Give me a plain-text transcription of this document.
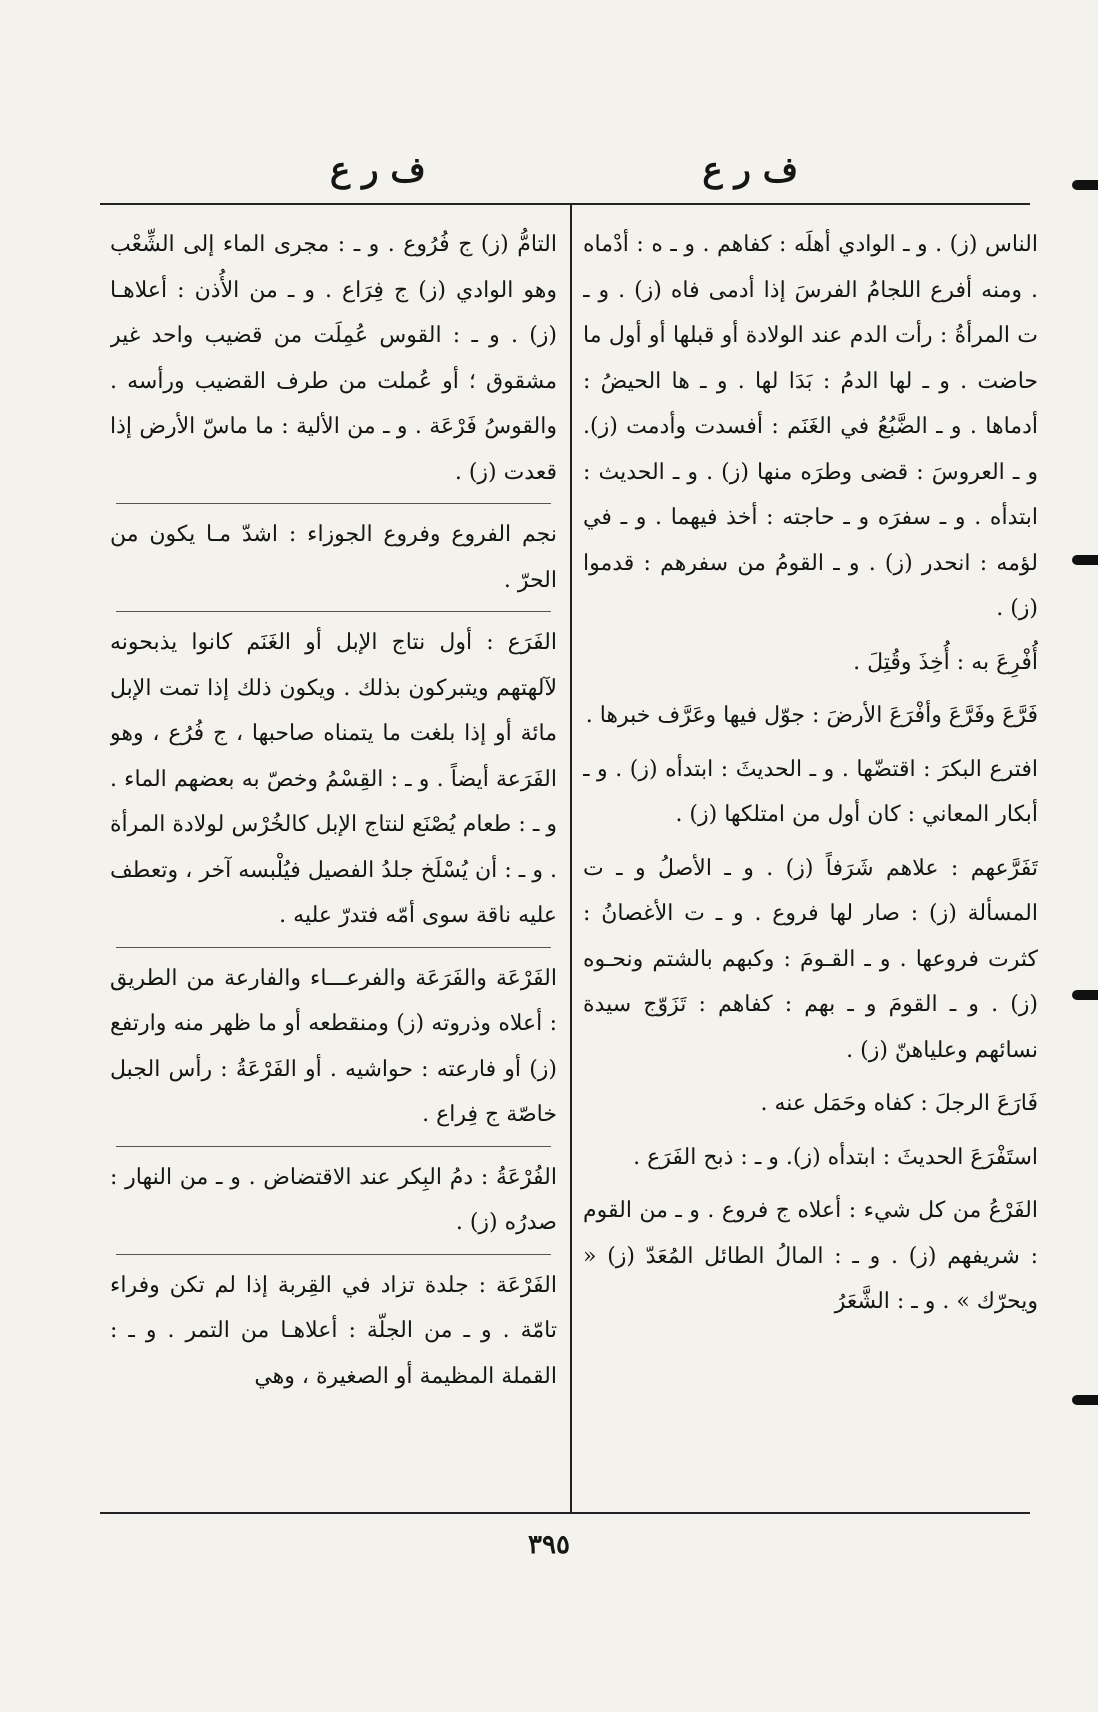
ف ر ع
ف ر ع

الناس (ز) . و ـ الوادي أهلَه : كفاهم . و ـ ه : أدْماه . ومنه أفرع اللجامُ الفرسَ إذا أدمى فاه (ز) . و ـ ت المرأةُ : رأت الدم عند الولادة أو قبلها أو أول ما حاضت . و ـ لها الدمُ : بَدَا لها . و ـ ها الحيضُ : أدماها . و ـ الضَّبُعُ في الغَنَم : أفسدت وأدمت (ز). و ـ العروسَ : قضى وطرَه منها (ز) . و ـ الحديث : ابتدأه . و ـ سفرَه و ـ حاجته : أخذ فيهما . و ـ في لؤمه : انحدر (ز) . و ـ القومُ من سفرهم : قدموا (ز) .

أُفْرِعَ به : أُخِذَ وقُتِلَ .

فَرَّعَ وفَرَّعَ وأفْرَعَ الأرضَ : جوّل فيها وعَرَّف خبرها .

افترع البكرَ : اقتضّها . و ـ الحديثَ : ابتدأه (ز) . و ـ أبكار المعاني : كان أول من امتلكها (ز) .

تَفَرَّعهم : علاهم شَرَفاً (ز) . و ـ الأصلُ و ـ ت المسألة (ز) : صار لها فروع . و ـ ت الأغصانُ : كثرت فروعها . و ـ القـومَ : وكبهم بالشتم ونحـوه (ز) . و ـ القومَ و ـ بهم : كفاهم : تَزَوّج سيدة نسائهم وعلياهنّ (ز) .

فَارَعَ الرجلَ : كفاه وحَمَل عنه .

استَفْرَعَ الحديثَ : ابتدأه (ز). و ـ : ذبح الفَرَع .

الفَرْعُ من كل شيء : أعلاه ج فروع . و ـ من القوم : شريفهم (ز) . و ـ : المالُ الطائل المُعَدّ (ز) « ويحرّك » . و ـ : الشَّعَرُ

التامُّ (ز) ج فُرُوع . و ـ : مجرى الماء إلى الشِّعْب وهو الوادي (ز) ج فِرَاع . و ـ من الأُذن : أعلاهـا (ز) . و ـ : القوس عُمِلَت من قضيب واحد غير مشقوق ؛ أو عُملت من طرف القضيب ورأسه . والقوسُ فَرْعَة . و ـ من الألية : ما ماسّ الأرض إذا قعدت (ز) .

نجم الفروع وفروع الجوزاء : اشدّ مـا يكون من الحرّ .

الفَرَع : أول نتاج الإبل أو الغَنَم كانوا يذبحونه لآلهتهم ويتبركون بذلك . ويكون ذلك إذا تمت الإبل مائة أو إذا بلغت ما يتمناه صاحبها ، ج فُرُع ، وهو الفَرَعة أيضاً . و ـ : القِسْمُ وخصّ به بعضهم الماء . و ـ : طعام يُصْنَع لنتاج الإبل كالخُرْس لولادة المرأة . و ـ : أن يُسْلَخ جلدُ الفصيل فيُلْبسه آخر ، وتعطف عليه ناقة سوى أمّه فتدرّ عليه .

الفَرْعَة والفَرَعَة والفرعـــاء والفارعة من الطريق : أعلاه وذروته (ز) ومنقطعه أو ما ظهر منه وارتفع (ز) أو فارعته : حواشيه . أو الفَرْعَةُ : رأس الجبل خاصّة ج فِراع .

الفُرْعَةُ : دمُ البِكر عند الاقتضاض . و ـ من النهار : صدرُه (ز) .

الفَرْعَة : جلدة تزاد في القِربة إذا لم تكن وفراء تامّة . و ـ من الجلّة : أعلاهـا من التمر . و ـ : القملة المظيمة أو الصغيرة ، وهي

٣٩٥
